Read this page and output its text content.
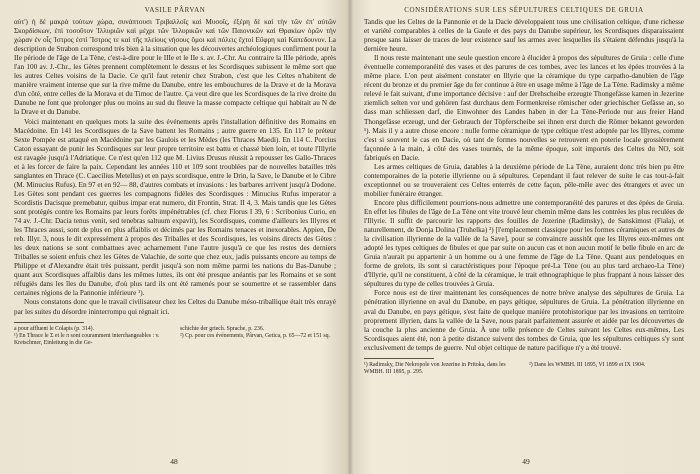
VASILE PÂRVAN

αὐτ') ἡ δὲ μακρὰ τούτων χώρα, συνάπτουσι Τριβαλλοῖς καὶ Μυσοῖς, ἐξέρη δὲ καὶ τὴν τῶν ἐπ' αὐτῶν Σκορδίσκων, ἐπὶ τοσοῦτον Ἰλλυριῶν καὶ μέχρι τῶν Ἰλλυρικῶν καὶ τῶν Παιονικῶν καὶ Θρακίων ὀρῶν τὴν χώραν ἐν οἷς Ἰστρος ἐστὶ Ἴστρος τε καὶ τῆς πλείους νήσους ὅμοι καὶ πόλεις ἔχτοί Εὔφρη καὶ Καπεδουνον. La description de Strabon correspond très bien à la situation que les découvertes archéologiques confirment pour la IIe période de l'âge de La Tène, c'est-à-dire pour le IIIe et le IIe s. av. J.-Chr. Au contraire la IIIe période, après l'an 100 av. J.-Chr., les Gètes prennent complètement le dessus et les Scordisques subissent le même sort que les autres Celtes voisins de la Dacie. Ce qu'il faut retenir chez Strabon, c'est que les Celtes n'habitent de manière vraiment intense que sur la rive même du Danube, entre les embouchures de la Drave et de la Morava d'un côté, entre celles de la Morava et du Timoc de l'autre. Ça veut dire que les Scordisques de la rive droite du Danube ne font que prolonger plus ou moins au sud du fleuve la masse compacte celtique qui habitait au N de la Drave et du Danube.

Voici maintenant en quelques mots la suite des événements après l'installation définitive des Romains en Macédoine. En 141 les Scordisques de la Save battent les Romains ; autre guerre en 135. En 117 le préteur Sexte Pompée est attaqué en Macédoine par les Gaulois et les Mèdes (les Thraces Maedi). En 114 C. Porcius Caton essayant de punir les Scordisques sur leur propre territoire est battu et chassé bien loin, et toute l'Illyrie est ravagée jusqu'à l'Adriatique. Ce n'est qu'en 112 que M. Livius Drusus réussit à repousser les Gallo-Thraces et à les forcer de faire la paix. Cependant les années 110 et 109 sont troublées par de nouvelles batailles très sanglantes en Thrace (C. Caecilius Metellus) et en pays scordisque, entre le Drin, la Save, le Danube et le Cibre (M. Minucius Rufus). En 97 et en 92— 88, d'autres combats et invasions : les barbares arrivent jusqu'à Dodone. Les Gètes sont pendant ces guerres les compagnons fidèles des Scordisques : Minucius Rufus imperator a Scordistis Dacisque premebatur, quibus impar erat numero, dit Frontin, Strat. II 4, 3. Mais tandis que les Gètes sont protégés contre les Romains par leurs forêts impénétrables (cf. chez Florus I 39, 6 : Scribonius Curio, en 74 av. J.-Chr. Dacia tenus venit, sed tenebras saltuum expavit), les Scordisques, comme d'ailleurs les Illyres et les Thraces aussi, sont de plus en plus affaiblis et décimés par les Romains tenaces et inexorables. Appien, De reb. Illyr. 3, nous le dit expressément à propos des Triballes et des Scordisques, les voisins directs des Gètes : les deux nations se sont combattues avec acharnement l'une l'autre jusqu'à ce que les restes des derniers Triballes se soient enfuis chez les Gètes de Valachie, de sorte que chez eux, jadis puissants encore au temps de Philippe et d'Alexandre était très puissant, perdit jusqu'à son nom même parmi les nations du Bas-Danube ; quant aux Scordisques affaiblis dans les mêmes luttes, ils ont été presque anéantis par les Romains et se sont réfugiés dans les îles du Danube, d'où plus tard ils ont été ramenés pour se soumettre et se rassembler dans certaines régions de la Pannonie inférieure ¹).

Nous constatons donc que le travail civilisateur chez les Celtes du Danube méso-triballique était très enrayé par les suites du désordre ininterrompu qui régnait ici.

a pour affluent le Colapis (p. 314).	schichte der griech. Sprache, p. 236.
¹) En Thrace le Σ et le π sont couramment interchangeables : v. Kretschmer, Einleitung in die Ge-
²) Cp. pour ces événements, Pârvan, Getica, p. 65—72 et 151 sq.
48
CONSIDÉRATIONS SUR LES SÉPULTURES CELTIQUES DE GRUIA

Tandis que les Celtes de la Pannonie et de la Dacie développaient tous une civilisation celtique, d'une richesse et variété comparables à celles de la Gaule et des pays du Danube supérieur, les Scordisques disparaissaient presque sans laisser de traces de leur existence sauf les armes avec lesquelles ils s'étaient défendus jusqu'à la dernière heure.

Il nous reste maintenant une seule question encore à élucider à propos des sépultures de Gruia : celle d'une éventuelle contemporanéité des vases et des parures de ces tombes, avec les lances et les épées trouvées à la même place. L'on peut aisément constater en Illyrie que la céramique du type carpatho-danubien de l'âge récent du bronze et du premier âge du fer continue à être en usage même à l'âge de La Tène. Radimsky a même relevé le fait suivant, d'une importance décisive : auf der Drehscheibe erzeugte Thongefässe kamen in Jezerine ziemlich selten vor und gehören fast durchaus dem Formenkreise römischer oder griechischer Gefässe an, so dass man schliessen darf, die Einwohner des Landes haben in der La Tène-Periode nur aus freier Hand Thongefässe erzeugt, und der Gebrauch der Töpferscheibe sei ihnen erst durch die Römer bekannt geworden ¹). Mais il y a autre chose encore : nulle forme céramique de type celtique n'est adoptée par les Illyres, comme c'est si souvent le cas en Dacie, où tant de formes nouvelles se retrouvent en poterie locale grossièrement façonnée à la main, à côté des vases tournés, de la même époque, soit importés des Celtes du NO, soit fabriqués en Dacie.

Les armes celtiques de Gruia, datables à la deuxième période de La Tène, auraient donc très bien pu être contemporaines de la poterie illyrienne ou à sépultures. Cependant il faut relever de suite le cas tout-à-fait exceptionnel ou se trouveraient ces Celtes enterrés de cette façon, pêle-mêle avec des étrangers et avec un mobilier funéraire étranger.

Encore plus difficilement pourrions-nous admettre une contemporanéité des parures et des épées de Gruia. En effet les fibules de l'âge de La Tène ont vite trouvé leur chemin même dans les contrées les plus reculées de l'Illyrie. Il suffit de parcourir les rapports des fouilles de Jezerine (Radimsky), de Sanskimost (Fiala), et naturellement, de Donja Dolina (Truhelka) ²) [l'emplacement classique pour les formes céramiques et autres de la civilisation illyrienne de la vallée de la Save], pour se convaincre aussitôt que les Illyres eux-mêmes ont adopté les types celtiques de fibules et que par suite on aucun cas et non aucun motif le belle fibule en arc de Gruia n'aurait pu appartenir à un homme ou à une femme de l'âge de La Tène. Quant aux pendeloques en forme de grelots, ils sont si caractéristiques pour l'époque pré-La Tène (ou au plus tard archaeo-La Tène) d'Illyrie, qu'il ne constituent, à côté de la céramique, le trait ethnographique le plus frappant à nous laisser des sépultures du type de celles trouvées à Gruia.

Force nous est de tirer maintenant les conséquences de notre brève analyse des sépultures de Gruia. La pénétration illyrienne en aval du Danube, en pays gétique, sépultures de Gruia. La pénétration illyrienne en aval du Danube, en pays gétique, s'est faite de quelque manière protohistorique par les invasions en territoire proprement illyrien, dans la vallée de la Save, nous parait parfaitement assurée et aidée par les découvertes de la couche la plus ancienne de Gruia. À une telle présence de Celtes suivant les Celtes eux-mêmes, Les Scordisques aient été, non à petite distance suivent des tombes de Gruia, que les sépultures celtiques s'y sont exclusivement de temps de guerre. Nul objet celtique de nature pacifique n'y a été trouvé.

¹) Radimsky, Die Nekropole von Jezerine in Pritoka, dans les WMBH. III 1895, p. 295.
²) Dans les WMBH. III 1895, VI 1899 et IX 1904.
49
